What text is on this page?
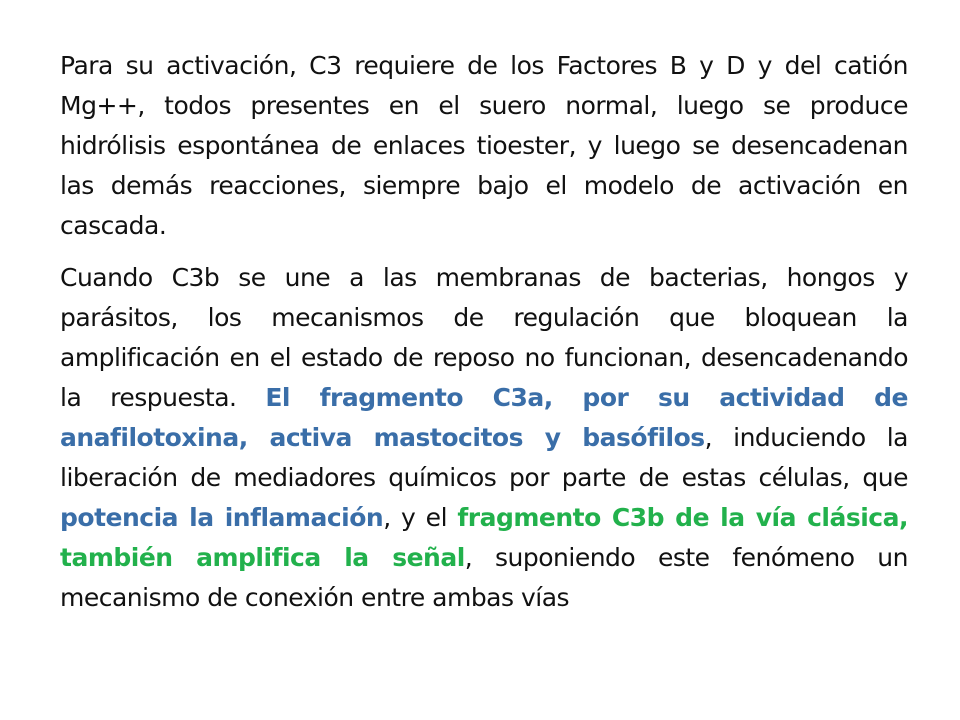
Para su activación, C3 requiere de los Factores B y D y del catión Mg++, todos presentes en el suero normal, luego se produce hidrólisis espontánea de enlaces tioester, y luego se desencadenan las demás reacciones, siempre bajo el modelo de activación en cascada.

Cuando C3b se une a las membranas de bacterias, hongos y parásitos, los mecanismos de regulación que bloquean la amplificación en el estado de reposo no funcionan, desencadenando la respuesta. El fragmento C3a, por su actividad de anafilotoxina, activa mastocitos y basófilos, induciendo la liberación de mediadores químicos por parte de estas células, que potencia la inflamación, y el fragmento C3b de la vía clásica, también amplifica la señal, suponiendo este fenómeno un mecanismo de conexión entre ambas vías
